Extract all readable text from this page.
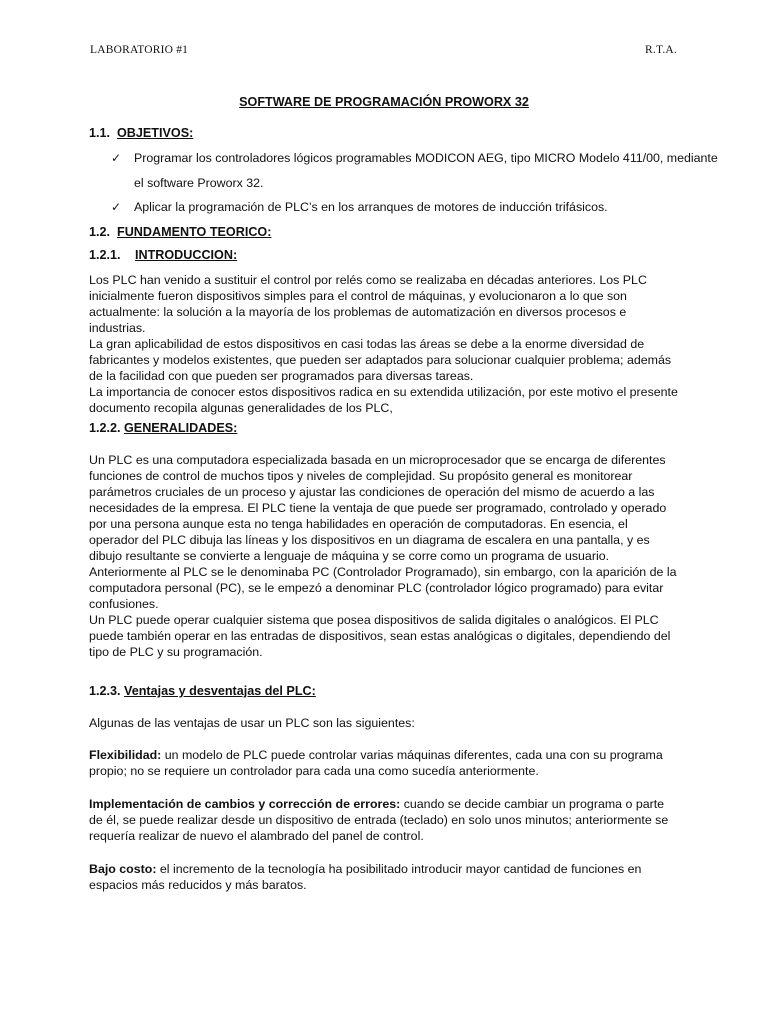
LABORATORIO #1	R.T.A.
SOFTWARE DE PROGRAMACIÓN PROWORX 32
1.1. OBJETIVOS:
✓ Programar los controladores lógicos programables MODICON AEG, tipo MICRO Modelo 411/00, mediante
el software Proworx 32.
✓ Aplicar la programación de PLC’s en los arranques de motores de inducción trifásicos.
1.2. FUNDAMENTO TEORICO:
1.2.1. INTRODUCCION:

Los PLC han venido a sustituir el control por relés como se realizaba en décadas anteriores. Los PLC inicialmente fueron dispositivos simples para el control de máquinas, y evolucionaron a lo que son actualmente: la solución a la mayoría de los problemas de automatización en diversos procesos e industrias.

La gran aplicabilidad de estos dispositivos en casi todas las áreas se debe a la enorme diversidad de fabricantes y modelos existentes, que pueden ser adaptados para solucionar cualquier problema; además de la facilidad con que pueden ser programados para diversas tareas.

La importancia de conocer estos dispositivos radica en su extendida utilización, por este motivo el presente documento recopila algunas generalidades de los PLC,

1.2.2. GENERALIDADES:

Un PLC es una computadora especializada basada en un microprocesador que se encarga de diferentes funciones de control de muchos tipos y niveles de complejidad. Su propósito general es monitorear parámetros cruciales de un proceso y ajustar las condiciones de operación del mismo de acuerdo a las necesidades de la empresa. El PLC tiene la ventaja de que puede ser programado, controlado y operado por una persona aunque esta no tenga habilidades en operación de computadoras. En esencia, el operador del PLC dibuja las líneas y los dispositivos en un diagrama de escalera en una pantalla, y es dibujo resultante se convierte a lenguaje de máquina y se corre como un programa de usuario.

Anteriormente al PLC se le denominaba PC (Controlador Programado), sin embargo, con la aparición de la computadora personal (PC), se le empezó a denominar PLC (controlador lógico programado) para evitar confusiones.

Un PLC puede operar cualquier sistema que posea dispositivos de salida digitales o analógicos. El PLC puede también operar en las entradas de dispositivos, sean estas analógicas o digitales, dependiendo del tipo de PLC y su programación.

1.2.3. Ventajas y desventajas del PLC:
Algunas de las ventajas de usar un PLC son las siguientes:
Flexibilidad: un modelo de PLC puede controlar varias máquinas diferentes, cada una con su programa propio; no se requiere un controlador para cada una como sucedía anteriormente.
Implementación de cambios y corrección de errores: cuando se decide cambiar un programa o parte de él, se puede realizar desde un dispositivo de entrada (teclado) en solo unos minutos; anteriormente se requería realizar de nuevo el alambrado del panel de control.
Bajo costo: el incremento de la tecnología ha posibilitado introducir mayor cantidad de funciones en espacios más reducidos y más baratos.
